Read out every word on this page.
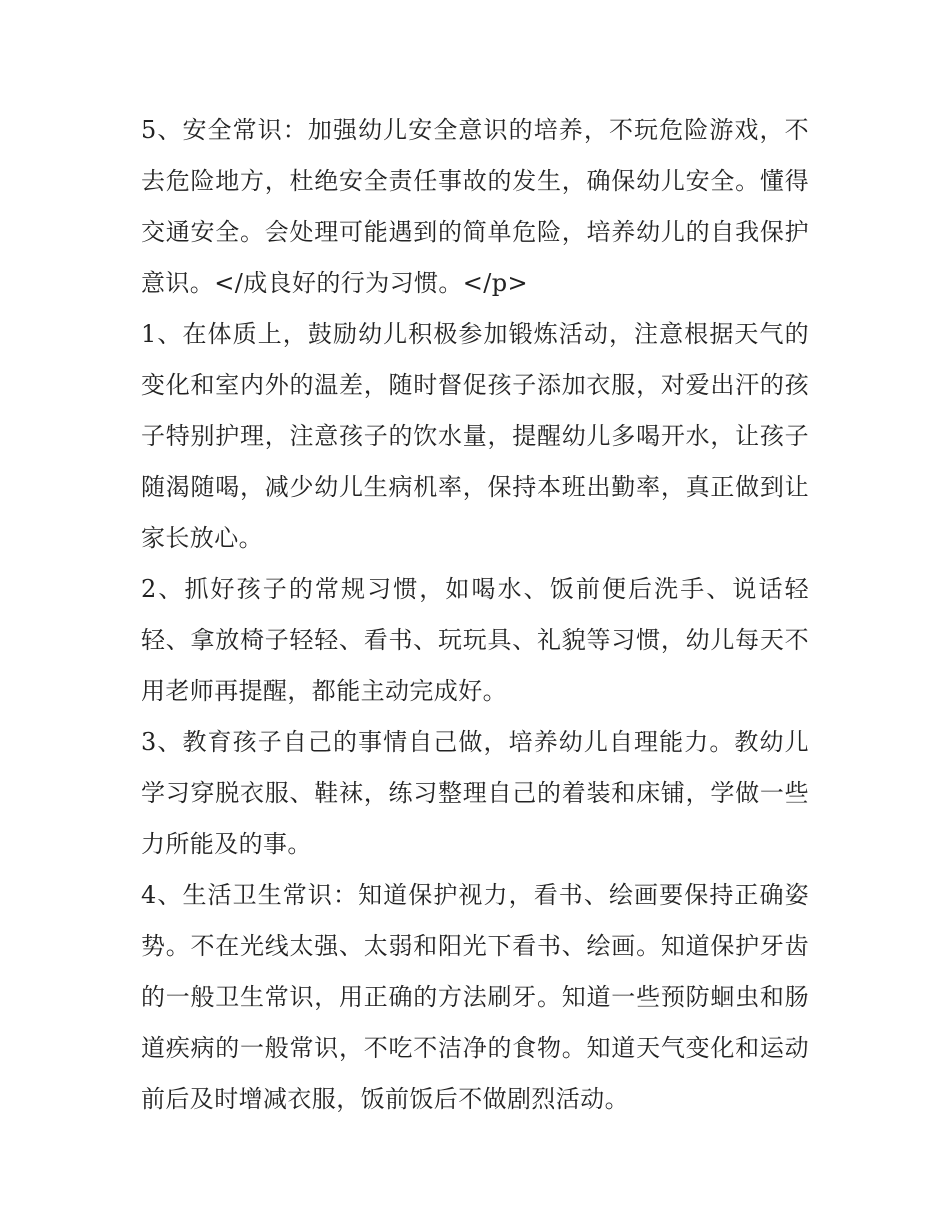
5、安全常识：加强幼儿安全意识的培养，不玩危险游戏，不去危险地方，杜绝安全责任事故的发生，确保幼儿安全。懂得交通安全。会处理可能遇到的简单危险，培养幼儿的自我保护意识。</成良好的行为习惯。</p>

1、在体质上，鼓励幼儿积极参加锻炼活动，注意根据天气的变化和室内外的温差，随时督促孩子添加衣服，对爱出汗的孩子特别护理，注意孩子的饮水量，提醒幼儿多喝开水，让孩子随渴随喝，减少幼儿生病机率，保持本班出勤率，真正做到让家长放心。

2、抓好孩子的常规习惯，如喝水、饭前便后洗手、说话轻轻、拿放椅子轻轻、看书、玩玩具、礼貌等习惯，幼儿每天不用老师再提醒，都能主动完成好。

3、教育孩子自己的事情自己做，培养幼儿自理能力。教幼儿学习穿脱衣服、鞋袜，练习整理自己的着装和床铺，学做一些力所能及的事。

4、生活卫生常识：知道保护视力，看书、绘画要保持正确姿势。不在光线太强、太弱和阳光下看书、绘画。知道保护牙齿的一般卫生常识，用正确的方法刷牙。知道一些预防蛔虫和肠道疾病的一般常识，不吃不洁净的食物。知道天气变化和运动前后及时增减衣服，饭前饭后不做剧烈活动。
